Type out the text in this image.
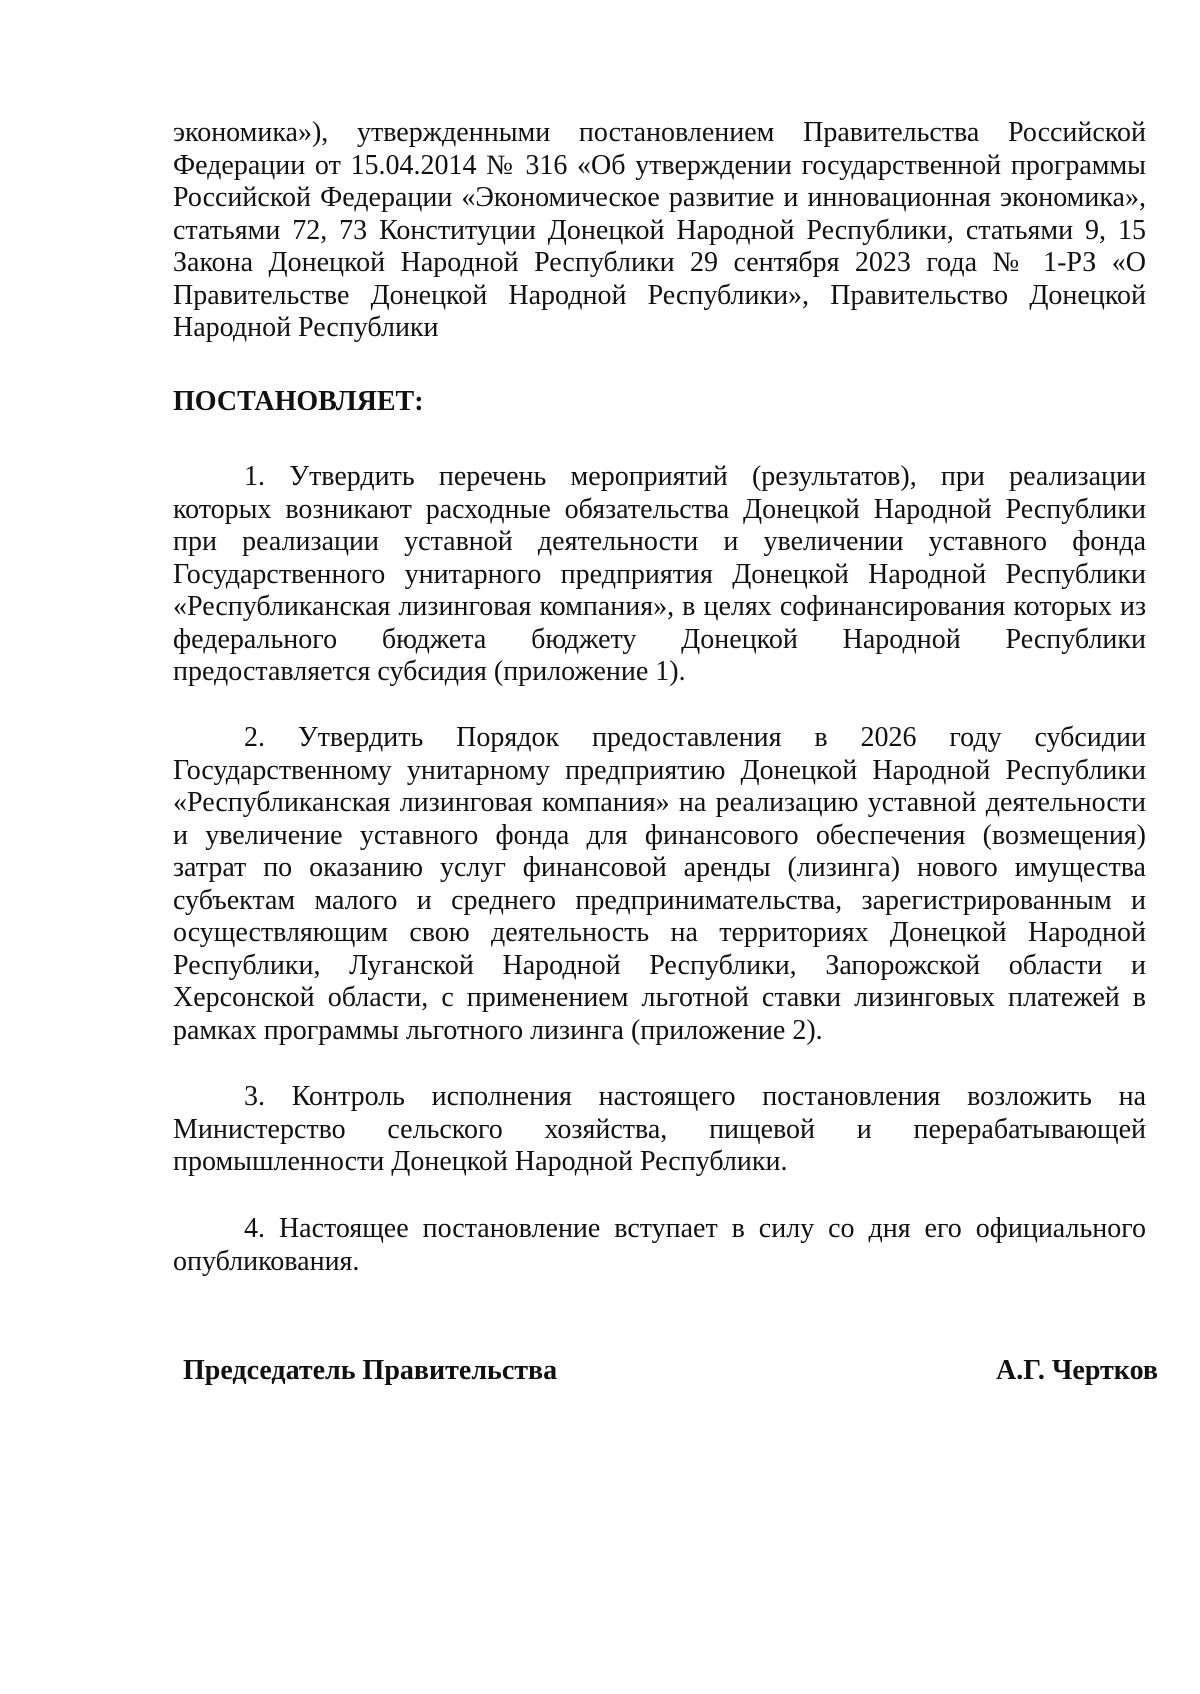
экономика»), утвержденными постановлением Правительства Российской Федерации от 15.04.2014 № 316 «Об утверждении государственной программы Российской Федерации «Экономическое развитие и инновационная экономика», статьями 72, 73 Конституции Донецкой Народной Республики, статьями 9, 15 Закона Донецкой Народной Республики 29 сентября 2023 года № 1-РЗ «О Правительстве Донецкой Народной Республики», Правительство Донецкой Народной Республики

ПОСТАНОВЛЯЕТ:

1. Утвердить перечень мероприятий (результатов), при реализации которых возникают расходные обязательства Донецкой Народной Республики при реализации уставной деятельности и увеличении уставного фонда Государственного унитарного предприятия Донецкой Народной Республики «Республиканская лизинговая компания», в целях софинансирования которых из федерального бюджета бюджету Донецкой Народной Республики предоставляется субсидия (приложение 1).

2. Утвердить Порядок предоставления в 2026 году субсидии Государственному унитарному предприятию Донецкой Народной Республики «Республиканская лизинговая компания» на реализацию уставной деятельности и увеличение уставного фонда для финансового обеспечения (возмещения) затрат по оказанию услуг финансовой аренды (лизинга) нового имущества субъектам малого и среднего предпринимательства, зарегистрированным и осуществляющим свою деятельность на территориях Донецкой Народной Республики, Луганской Народной Республики, Запорожской области и Херсонской области, с применением льготной ставки лизинговых платежей в рамках программы льготного лизинга (приложение 2).

3. Контроль исполнения настоящего постановления возложить на Министерство сельского хозяйства, пищевой и перерабатывающей промышленности Донецкой Народной Республики.

4. Настоящее постановление вступает в силу со дня его официального опубликования.

Председатель Правительства	А.Г. Чертков
